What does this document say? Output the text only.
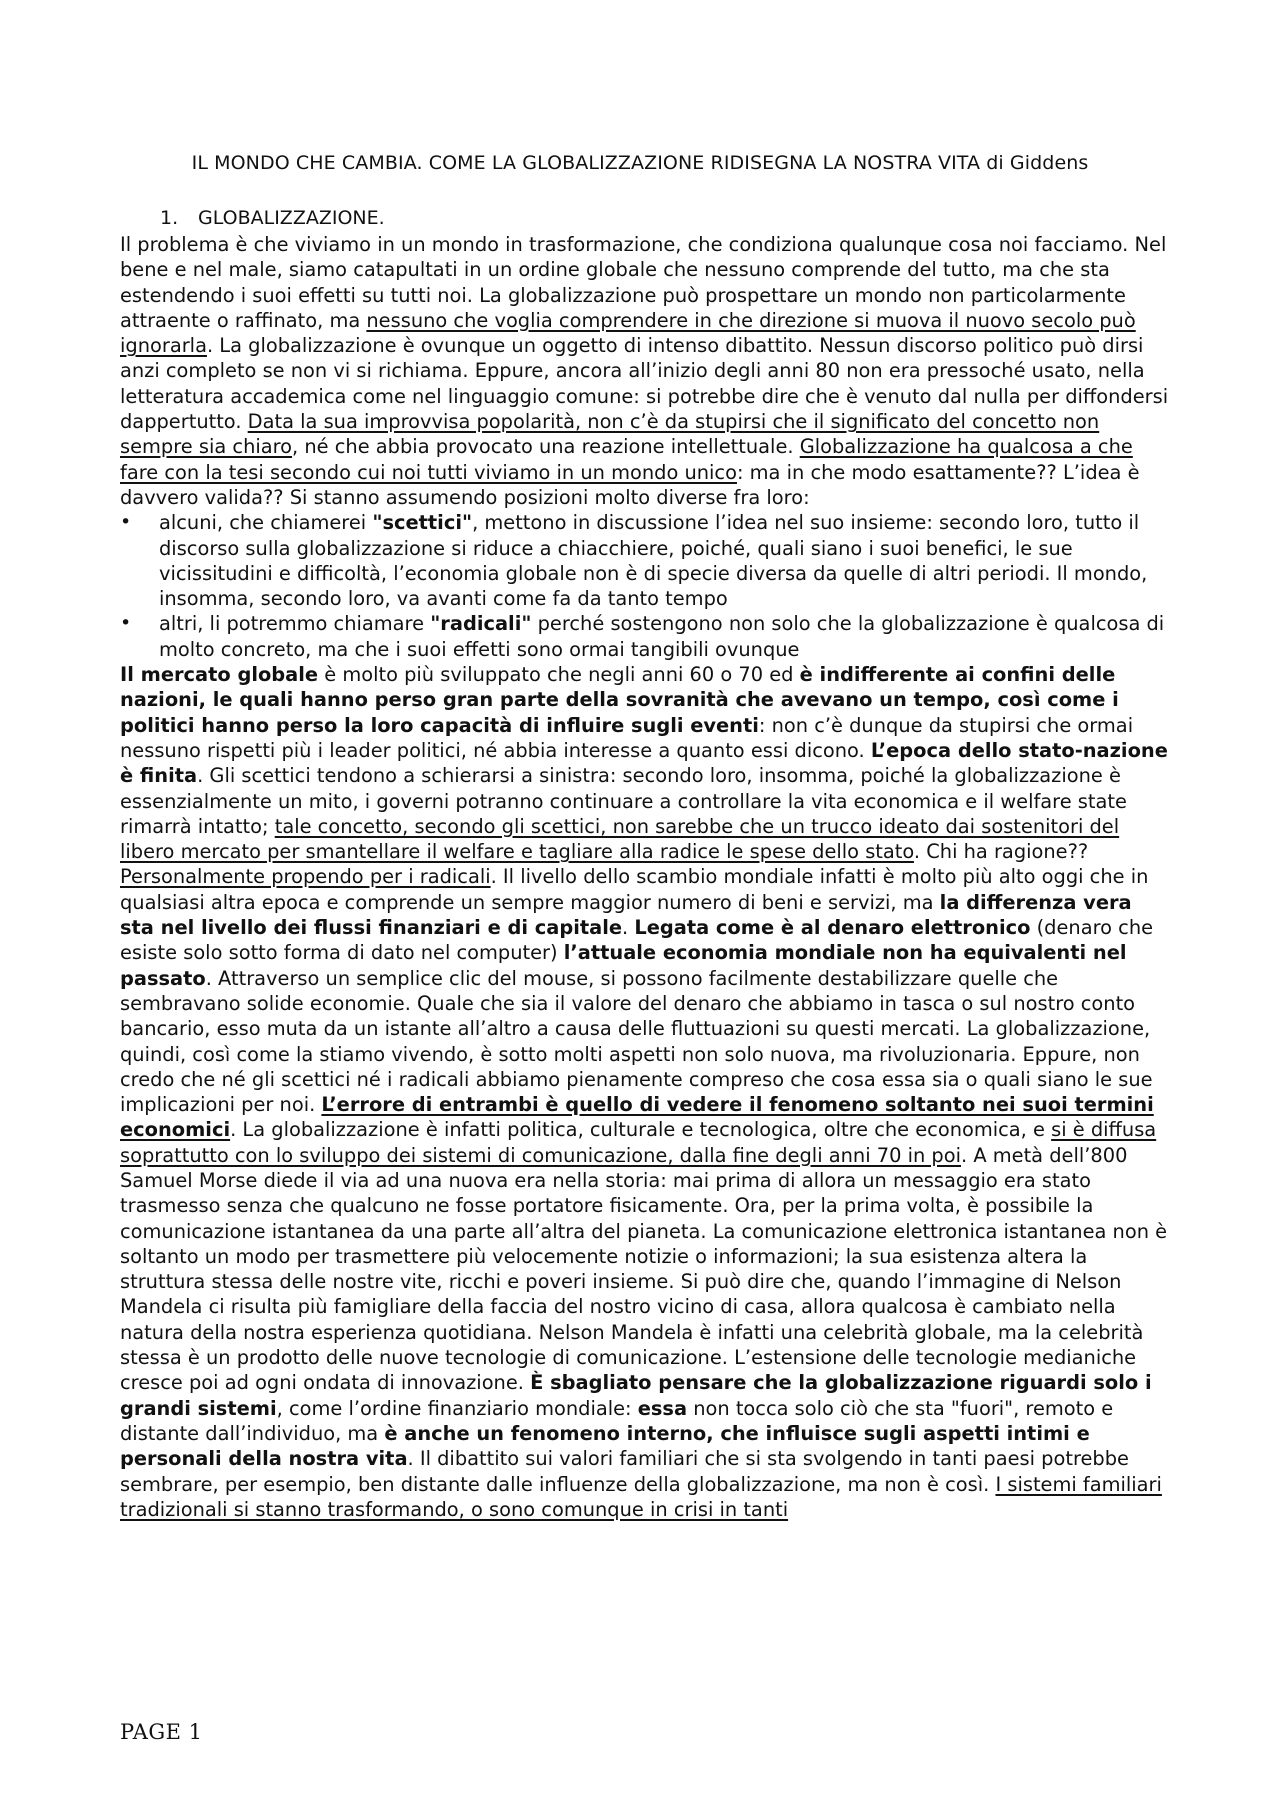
IL MONDO CHE CAMBIA. COME LA GLOBALIZZAZIONE RIDISEGNA LA NOSTRA VITA di Giddens
1. GLOBALIZZAZIONE.

Il problema è che viviamo in un mondo in trasformazione, che condiziona qualunque cosa noi facciamo. Nel bene e nel male, siamo catapultati in un ordine globale che nessuno comprende del tutto, ma che sta estendendo i suoi effetti su tutti noi. La globalizzazione può prospettare un mondo non particolarmente attraente o raffinato, ma nessuno che voglia comprendere in che direzione si muova il nuovo secolo può ignorarla. La globalizzazione è ovunque un oggetto di intenso dibattito. Nessun discorso politico può dirsi anzi completo se non vi si richiama. Eppure, ancora all’inizio degli anni 80 non era pressoché usato, nella letteratura accademica come nel linguaggio comune: si potrebbe dire che è venuto dal nulla per diffondersi dappertutto. Data la sua improvvisa popolarità, non c’è da stupirsi che il significato del concetto non sempre sia chiaro, né che abbia provocato una reazione intellettuale. Globalizzazione ha qualcosa a che fare con la tesi secondo cui noi tutti viviamo in un mondo unico: ma in che modo esattamente?? L’idea è davvero valida?? Si stanno assumendo posizioni molto diverse fra loro:

• alcuni, che chiamerei "scettici", mettono in discussione l’idea nel suo insieme: secondo loro, tutto il discorso sulla globalizzazione si riduce a chiacchiere, poiché, quali siano i suoi benefici, le sue vicissitudini e difficoltà, l’economia globale non è di specie diversa da quelle di altri periodi. Il mondo, insomma, secondo loro, va avanti come fa da tanto tempo
• altri, li potremmo chiamare "radicali" perché sostengono non solo che la globalizzazione è qualcosa di molto concreto, ma che i suoi effetti sono ormai tangibili ovunque

Il mercato globale è molto più sviluppato che negli anni 60 o 70 ed è indifferente ai confini delle nazioni, le quali hanno perso gran parte della sovranità che avevano un tempo, così come i politici hanno perso la loro capacità di influire sugli eventi: non c’è dunque da stupirsi che ormai nessuno rispetti più i leader politici, né abbia interesse a quanto essi dicono. L’epoca dello stato-nazione è finita. Gli scettici tendono a schierarsi a sinistra: secondo loro, insomma, poiché la globalizzazione è essenzialmente un mito, i governi potranno continuare a controllare la vita economica e il welfare state rimarrà intatto; tale concetto, secondo gli scettici, non sarebbe che un trucco ideato dai sostenitori del libero mercato per smantellare il welfare e tagliare alla radice le spese dello stato. Chi ha ragione?? Personalmente propendo per i radicali. Il livello dello scambio mondiale infatti è molto più alto oggi che in qualsiasi altra epoca e comprende un sempre maggior numero di beni e servizi, ma la differenza vera sta nel livello dei flussi finanziari e di capitale. Legata come è al denaro elettronico (denaro che esiste solo sotto forma di dato nel computer) l’attuale economia mondiale non ha equivalenti nel passato. Attraverso un semplice clic del mouse, si possono facilmente destabilizzare quelle che sembravano solide economie. Quale che sia il valore del denaro che abbiamo in tasca o sul nostro conto bancario, esso muta da un istante all’altro a causa delle fluttuazioni su questi mercati. La globalizzazione, quindi, così come la stiamo vivendo, è sotto molti aspetti non solo nuova, ma rivoluzionaria. Eppure, non credo che né gli scettici né i radicali abbiamo pienamente compreso che cosa essa sia o quali siano le sue implicazioni per noi. L’errore di entrambi è quello di vedere il fenomeno soltanto nei suoi termini economici. La globalizzazione è infatti politica, culturale e tecnologica, oltre che economica, e si è diffusa soprattutto con lo sviluppo dei sistemi di comunicazione, dalla fine degli anni 70 in poi. A metà dell’800 Samuel Morse diede il via ad una nuova era nella storia: mai prima di allora un messaggio era stato trasmesso senza che qualcuno ne fosse portatore fisicamente. Ora, per la prima volta, è possibile la comunicazione istantanea da una parte all’altra del pianeta. La comunicazione elettronica istantanea non è soltanto un modo per trasmettere più velocemente notizie o informazioni; la sua esistenza altera la struttura stessa delle nostre vite, ricchi e poveri insieme. Si può dire che, quando l’immagine di Nelson Mandela ci risulta più famigliare della faccia del nostro vicino di casa, allora qualcosa è cambiato nella natura della nostra esperienza quotidiana. Nelson Mandela è infatti una celebrità globale, ma la celebrità stessa è un prodotto delle nuove tecnologie di comunicazione. L’estensione delle tecnologie medianiche cresce poi ad ogni ondata di innovazione. È sbagliato pensare che la globalizzazione riguardi solo i grandi sistemi, come l’ordine finanziario mondiale: essa non tocca solo ciò che sta "fuori", remoto e distante dall’individuo, ma è anche un fenomeno interno, che influisce sugli aspetti intimi e personali della nostra vita. Il dibattito sui valori familiari che si sta svolgendo in tanti paesi potrebbe sembrare, per esempio, ben distante dalle influenze della globalizzazione, ma non è così. I sistemi familiari tradizionali si stanno trasformando, o sono comunque in crisi in tanti

PAGE 1
